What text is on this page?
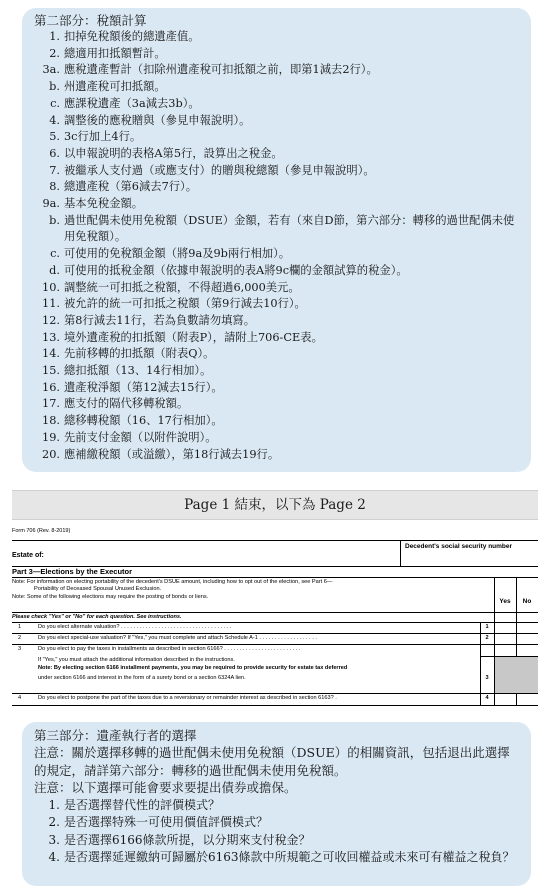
第二部分：稅額計算
1. 扣掉免稅額後的總遺產值。
2. 總適用扣抵額暫計。
3a. 應稅遺產暫計（扣除州遺產稅可扣抵額之前，即第1減去2行）。
b. 州遺產稅可扣抵額。
c. 應課稅遺產（3a減去3b）。
4. 調整後的應稅贈與（參見申報說明）。
5. 3c行加上4行。
6. 以申報說明的表格A第5行，設算出之稅金。
7. 被繼承人支付過（或應支付）的贈與稅總額（參見申報說明）。
8. 總遺產稅（第6減去7行）。
9a. 基本免稅金額。
b. 過世配偶未使用免稅額（DSUE）金額，若有（來自D節，第六部分：轉移的過世配偶未使用免稅額）。
c. 可使用的免稅額金額（將9a及9b兩行相加）。
d. 可使用的抵稅金額（依據申報說明的表A將9c欄的金額試算的稅金）。
10. 調整統一可扣抵之稅額，不得超過6,000美元。
11. 被允許的統一可扣抵之稅額（第9行減去10行）。
12. 第8行減去11行，若為負數請勿填寫。
13. 境外遺產稅的扣抵額（附表P），請附上706-CE表。
14. 先前移轉的扣抵額（附表Q）。
15. 總扣抵額（13、14行相加）。
16. 遺產稅淨額（第12減去15行）。
17. 應支付的隔代移轉稅額。
18. 總移轉稅額（16、17行相加）。
19. 先前支付金額（以附件說明）。
20. 應補繳稅額（或溢繳），第18行減去19行。
Page 1 結束，以下為 Page 2
Form 706 (Rev. 8-2019)
Decedent's social security number
Estate of:
Part 3—Elections by the Executor
Note: For information on electing portability of the decedent's DSUE amount, including how to opt out of the election, see Part 6—
Portability of Deceased Spousal Unused Exclusion.
Note: Some of the following elections may require the posting of bonds or liens.
Yes	No
Please check "Yes" or "No" for each question. See instructions.
1	Do you elect alternate valuation? . . . . . . . . . . . . . . . . . . . . . . . . . . . . . . . . . . . .	1
2	Do you elect special-use valuation? If "Yes," you must complete and attach Schedule A-1 . . . . . . . . . . . . . . . . . . .	2
3	Do you elect to pay the taxes in installments as described in section 6166? . . . . . . . . . . . . . . . . . . . . . . . . .
If "Yes," you must attach the additional information described in the instructions.
Note: By electing section 6166 installment payments, you may be required to provide security for estate tax deferred
under section 6166 and interest in the form of a surety bond or a section 6324A lien.	3
4	Do you elect to postpone the part of the taxes due to a reversionary or remainder interest as described in section 6163? .	4
第三部分：遺產執行者的選擇
注意：關於選擇移轉的過世配偶未使用免稅額（DSUE）的相關資訊，包括退出此選擇的規定，請詳第六部分：轉移的過世配偶未使用免稅額。
注意：以下選擇可能會要求要提出債券或擔保。
1. 是否選擇替代性的評價模式？
2. 是否選擇特殊一可使用價值評價模式？
3. 是否選擇6166條款所提，以分期來支付稅金？
4. 是否選擇延遲繳納可歸屬於6163條款中所規範之可收回權益或未來可有權益之稅負？
